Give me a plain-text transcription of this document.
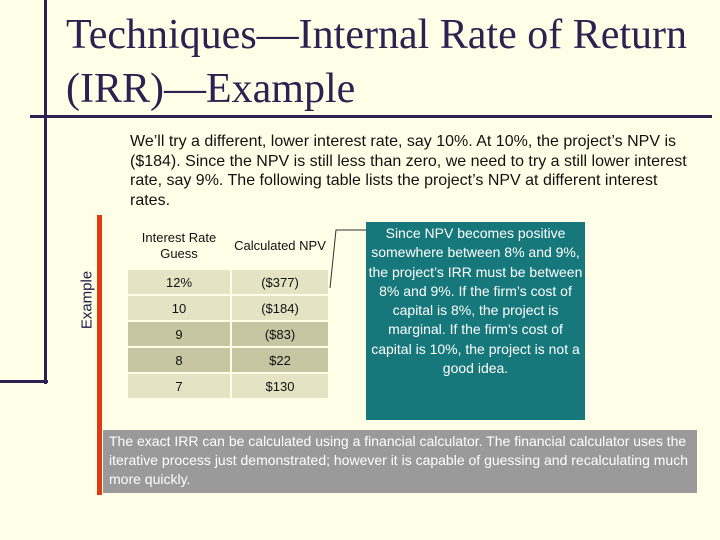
Techniques—Internal Rate of Return (IRR)—Example
Example
We’ll try a different, lower interest rate, say 10%. At 10%, the project’s NPV is ($184). Since the NPV is still less than zero, we need to try a still lower interest rate, say 9%. The following table lists the project’s NPV at different interest rates.
Interest Rate Guess	Calculated NPV
12%	($377)
10	($184)
9	($83)
8	$22
7	$130
Since NPV becomes positive somewhere between 8% and 9%, the project’s IRR must be between 8% and 9%. If the firm’s cost of capital is 8%, the project is marginal. If the firm’s cost of capital is 10%, the project is not a good idea.
The exact IRR can be calculated using a financial calculator. The financial calculator uses the iterative process just demonstrated; however it is capable of guessing and recalculating much more quickly.
